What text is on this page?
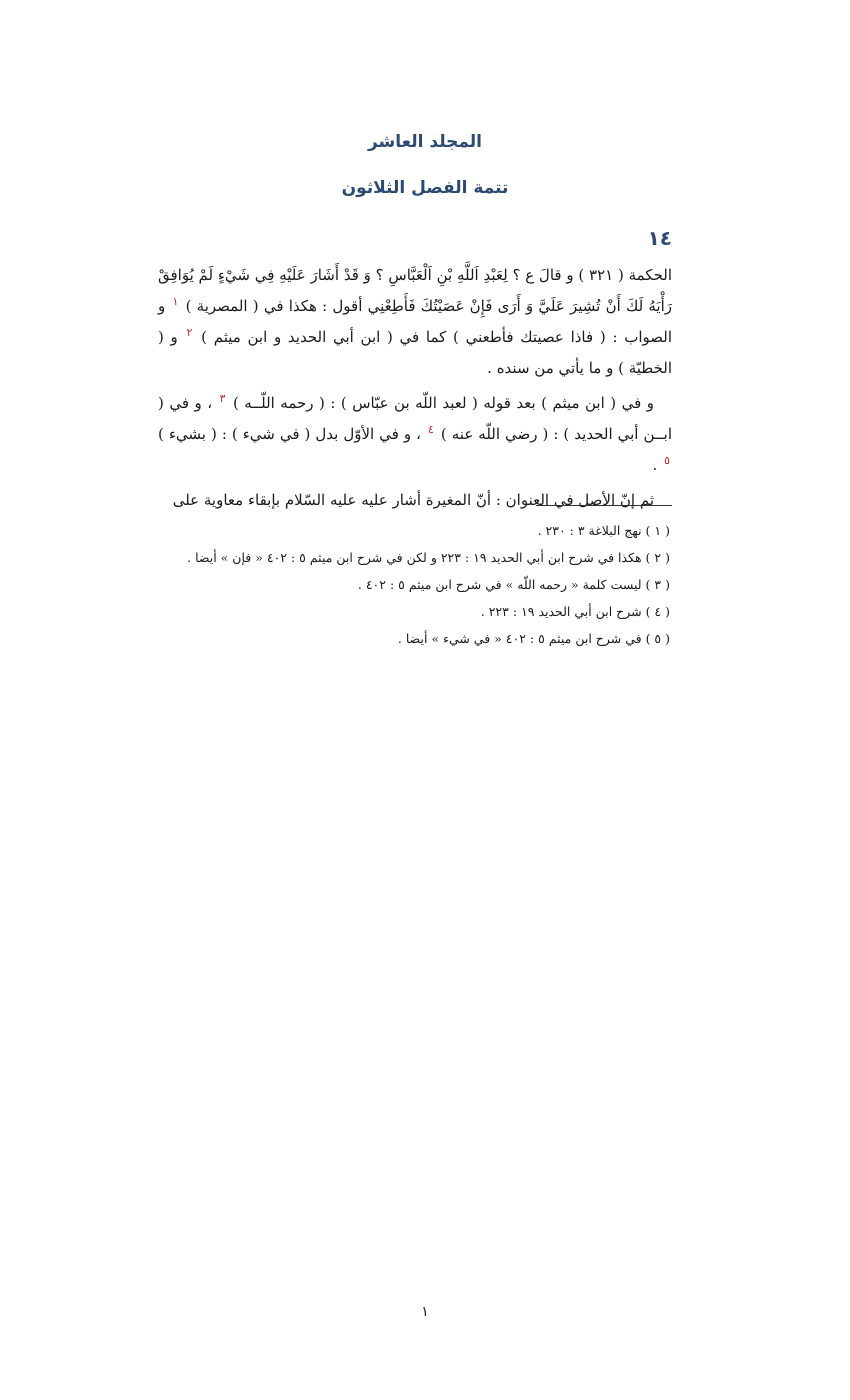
المجلد العاشر
تتمة الفصل الثلاثون
١٤

الحكمة ( ٣٢١ ) و قالَ ع ؟ لِعَبْدِ اَللَّهِ بْنِ اَلْعَبَّاسِ ؟ وَ قَدْ أَشَارَ عَلَيْهِ فِي شَيْءٍ لَمْ يُوَافِقْ رَأْيَهُ لَكَ أَنْ تُشِيرَ عَلَيَّ وَ أَرَى فَإِنْ عَصَيْتُكَ فَأَطِعْنِي أقول : هكذا في ( المصرية ) $^١$ و الصواب : ( فاذا عصيتك فأطعني ) كما في ( ابن أبي الحديد و ابن ميثم ) $^٢$ و ( الخطيّة ) و ما يأتي من سنده .

و في ( ابن ميثم ) بعد قوله ( لعبد اللّه بن عبّاس ) : ( رحمه اللّــه ) $^٣$ ، و في ( ابــن أبي الحديد ) : ( رضي اللّه عنه ) $^٤$ ، و في الأوّل بدل ( في شيء ) : ( بشيء ) $^٥$ .

ثم إنّ الأصل في العنوان : أنّ المغيرة أشار عليه عليه السّلام بإبقاء معاوية على

( ١ ) نهج البلاغة ٣ : ٢٣٠ .
( ٢ ) هكذا في شرح ابن أبي الحديد ١٩ : ٢٢٣ و لكن في شرح ابن ميثم ٥ : ٤٠٢ « فإن » أيضا .
( ٣ ) ليست كلمة « رحمه اللّه » في شرح ابن ميثم ٥ : ٤٠٢ .
( ٤ ) شرح ابن أبي الحديد ١٩ : ٢٢٣ .
( ٥ ) في شرح ابن ميثم ٥ : ٤٠٢ « في شيء » أيضا .
١
